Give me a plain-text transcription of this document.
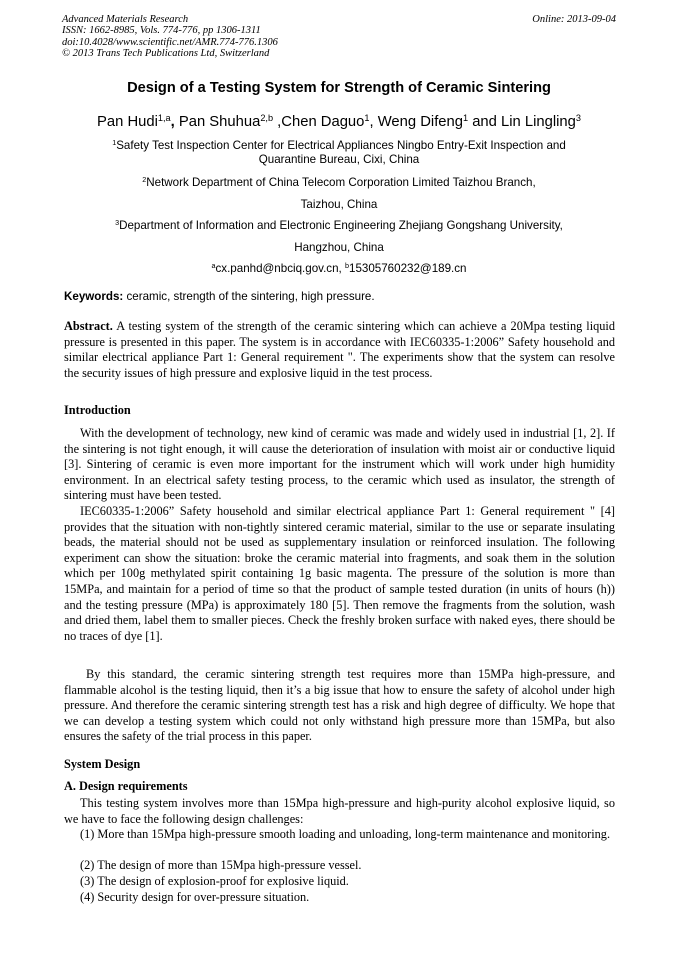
Advanced Materials Research
ISSN: 1662-8985, Vols. 774-776, pp 1306-1311
doi:10.4028/www.scientific.net/AMR.774-776.1306
© 2013 Trans Tech Publications Ltd, Switzerland
Online: 2013-09-04
Design of a Testing System for Strength of Ceramic Sintering
Pan Hudi$^{1,a}$, Pan Shuhua$^{2,b}$ ,Chen Daguo$^1$, Weng Difeng$^1$ and Lin Lingling$^3$
$^1$Safety Test Inspection Center for Electrical Appliances Ningbo Entry-Exit Inspection and
Quarantine Bureau, Cixi, China
$^2$Network Department of China Telecom Corporation Limited Taizhou Branch,
Taizhou, China
$^3$Department of Information and Electronic Engineering Zhejiang Gongshang University,
Hangzhou, China
$^a$cx.panhd@nbciq.gov.cn, $^b$15305760232@189.cn
Keywords: ceramic, strength of the sintering, high pressure.
Abstract. A testing system of the strength of the ceramic sintering which can achieve a 20Mpa testing liquid pressure is presented in this paper. The system is in accordance with IEC60335-1:2006” Safety household and similar electrical appliance Part 1: General requirement ". The experiments show that the system can resolve the security issues of high pressure and explosive liquid in the test process.
Introduction
With the development of technology, new kind of ceramic was made and widely used in industrial [1, 2]. If the sintering is not tight enough, it will cause the deterioration of insulation with moist air or conductive liquid [3]. Sintering of ceramic is even more important for the instrument which will work under high humidity environment. In an electrical safety testing process, to the ceramic which used as insulator, the strength of sintering must have been tested.
IEC60335-1:2006” Safety household and similar electrical appliance Part 1: General requirement " [4] provides that the situation with non-tightly sintered ceramic material, similar to the use or separate insulating beads, the material should not be used as supplementary insulation or reinforced insulation. The following experiment can show the situation: broke the ceramic material into fragments, and soak them in the solution which per 100g methylated spirit containing 1g basic magenta. The pressure of the solution is more than 15MPa, and maintain for a period of time so that the product of sample tested duration (in units of hours (h)) and the testing pressure (MPa) is approximately 180 [5]. Then remove the fragments from the solution, wash and dried them, label them to smaller pieces. Check the freshly broken surface with naked eyes, there should be no traces of dye [1].
By this standard, the ceramic sintering strength test requires more than 15MPa high-pressure, and flammable alcohol is the testing liquid, then it’s a big issue that how to ensure the safety of alcohol under high pressure. And therefore the ceramic sintering strength test has a risk and high degree of difficulty. We hope that we can develop a testing system which could not only withstand high pressure more than 15MPa, but also ensures the safety of the trial process in this paper.
System Design
A. Design requirements
This testing system involves more than 15Mpa high-pressure and high-purity alcohol explosive liquid, so we have to face the following design challenges:
(1) More than 15Mpa high-pressure smooth loading and unloading, long-term maintenance and monitoring.
(2) The design of more than 15Mpa high-pressure vessel.
(3) The design of explosion-proof for explosive liquid.
(4) Security design for over-pressure situation.
